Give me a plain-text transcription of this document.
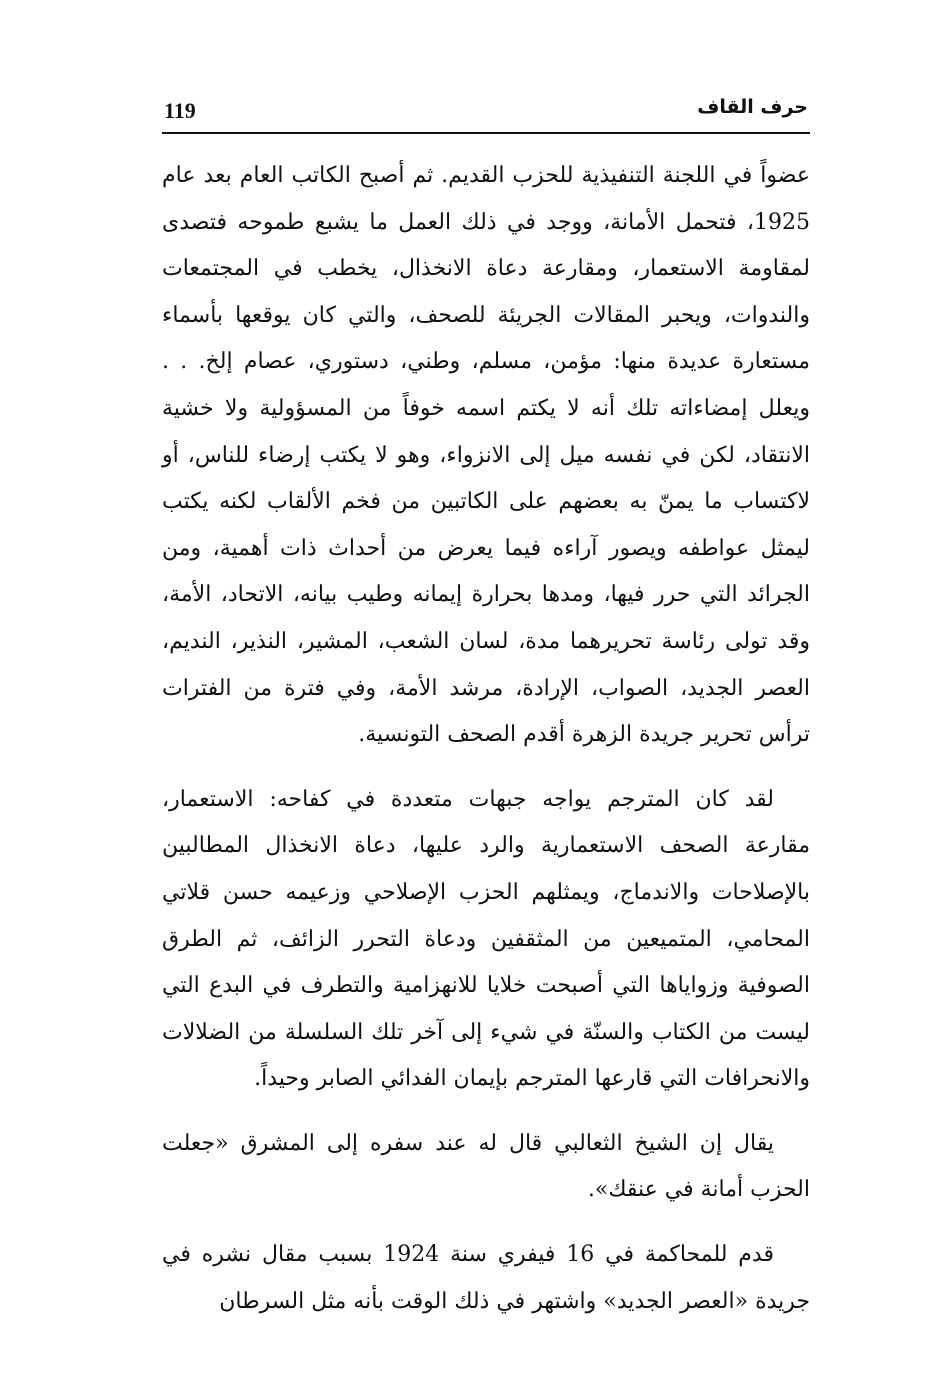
119	حرف القاف

عضواً في اللجنة التنفيذية للحزب القديم. ثم أصبح الكاتب العام بعد عام 1925، فتحمل الأمانة، ووجد في ذلك العمل ما يشبع طموحه فتصدى لمقاومة الاستعمار، ومقارعة دعاة الانخذال، يخطب في المجتمعات والندوات، ويحبر المقالات الجريئة للصحف، والتي كان يوقعها بأسماء مستعارة عديدة منها: مؤمن، مسلم، وطني، دستوري، عصام إلخ. . . ويعلل إمضاءاته تلك أنه لا يكتم اسمه خوفاً من المسؤولية ولا خشية الانتقاد، لكن في نفسه ميل إلى الانزواء، وهو لا يكتب إرضاء للناس، أو لاكتساب ما يمنّ به بعضهم على الكاتبين من فخم الألقاب لكنه يكتب ليمثل عواطفه ويصور آراءه فيما يعرض من أحداث ذات أهمية، ومن الجرائد التي حرر فيها، ومدها بحرارة إيمانه وطيب بيانه، الاتحاد، الأمة، وقد تولى رئاسة تحريرهما مدة، لسان الشعب، المشير، النذير، النديم، العصر الجديد، الصواب، الإرادة، مرشد الأمة، وفي فترة من الفترات ترأس تحرير جريدة الزهرة أقدم الصحف التونسية.

لقد كان المترجم يواجه جبهات متعددة في كفاحه: الاستعمار، مقارعة الصحف الاستعمارية والرد عليها، دعاة الانخذال المطالبين بالإصلاحات والاندماج، ويمثلهم الحزب الإصلاحي وزعيمه حسن قلاتي المحامي، المتميعين من المثقفين ودعاة التحرر الزائف، ثم الطرق الصوفية وزواياها التي أصبحت خلايا للانهزامية والتطرف في البدع التي ليست من الكتاب والسنّة في شيء إلى آخر تلك السلسلة من الضلالات والانحرافات التي قارعها المترجم بإيمان الفدائي الصابر وحيداً.

يقال إن الشيخ الثعالبي قال له عند سفره إلى المشرق «جعلت الحزب أمانة في عنقك».

قدم للمحاكمة في 16 فيفري سنة 1924 بسبب مقال نشره في جريدة «العصر الجديد» واشتهر في ذلك الوقت بأنه مثل السرطان
